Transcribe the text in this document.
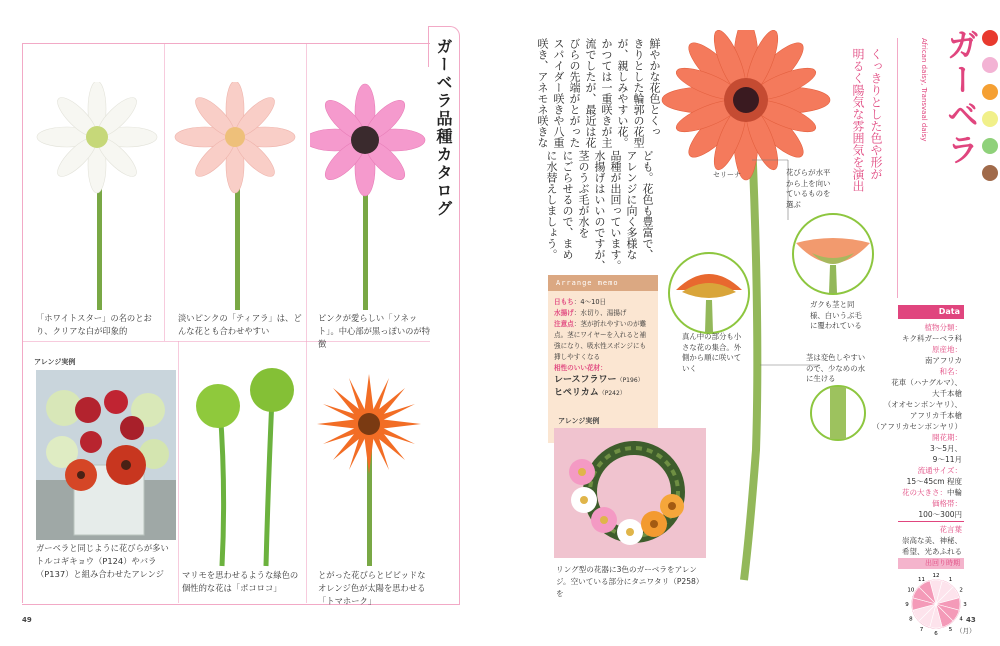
ガーベラ品種カタログ
「ホワイトスター」の名のとおり、クリアな白が印象的
淡いピンクの「ティアラ」は、どんな花とも合わせやすい
ピンクが愛らしい「ソネット」。中心部が黒っぽいのが特徴
アレンジ実例
ガーベラと同じように花びらが多いトルコギキョウ（P124）やバラ（P137）と組み合わせたアレンジ	マリモを思わせるような緑色の個性的な花は「ポコロコ」
とがった花びらとビビッドなオレンジ色が太陽を思わせる「トマホーク」
49
鮮やかな花色とくっ
きりとした輪郭の花型
が、親しみやすい花。
かつては一重咲きが主
流でしたが、最近は花
びらの先端がとがった
スパイダー咲きや八重
咲き、アネモネ咲きな
ども。花色も豊富で、
アレンジに向く多様な
品種が出回っています。
水揚げはいいのですが、
茎のうぶ毛が水を
にごらせるので、まめ
に水替えしましょう。
Arrange memo
日もち：4～10日
水揚げ：水切り、湯揚げ
注意点：茎が折れやすいのが難点。茎にワイヤーを入れると補強になり、吸水性スポンジにも挿しやすくなる
相性のいい花材：
レースフラワー（P196）
ヒペリカム（P242）
アレンジ実例
リング型の花器に3色のガーベラをアレンジ。空いている部分にタニワタリ（P258）を
セリーナ	花びらが水平から上を向いているものを選ぶ
真ん中の部分も小さな花の集合。外側から順に咲いていく
ガクも茎と同様、白いうぶ毛に覆われている
茎は変色しやすいので、少なめの水に生ける
くっきりとした色や形が
明るく陽気な雰囲気を演出 ガーベラ
African daisy, Transvaal daisy
Data
植物分類：
キク科ガーベラ科
原産地：
南アフリカ
和名：
花車（ハナグルマ）、
大千本槍
（オオセンボンヤリ）、
アフリカ千本槍
（アフリカセンボンヤリ）
開花期：
3～5月、
9～11月
流通サイズ：
15～45cm 程度
花の大きさ：中輪
価格帯：
100～300円
花言葉
崇高な美、神秘、
希望、光あふれる
出回り時期
12
1
2
3
4
5
6
7
8
9
10
11
（月）
43
